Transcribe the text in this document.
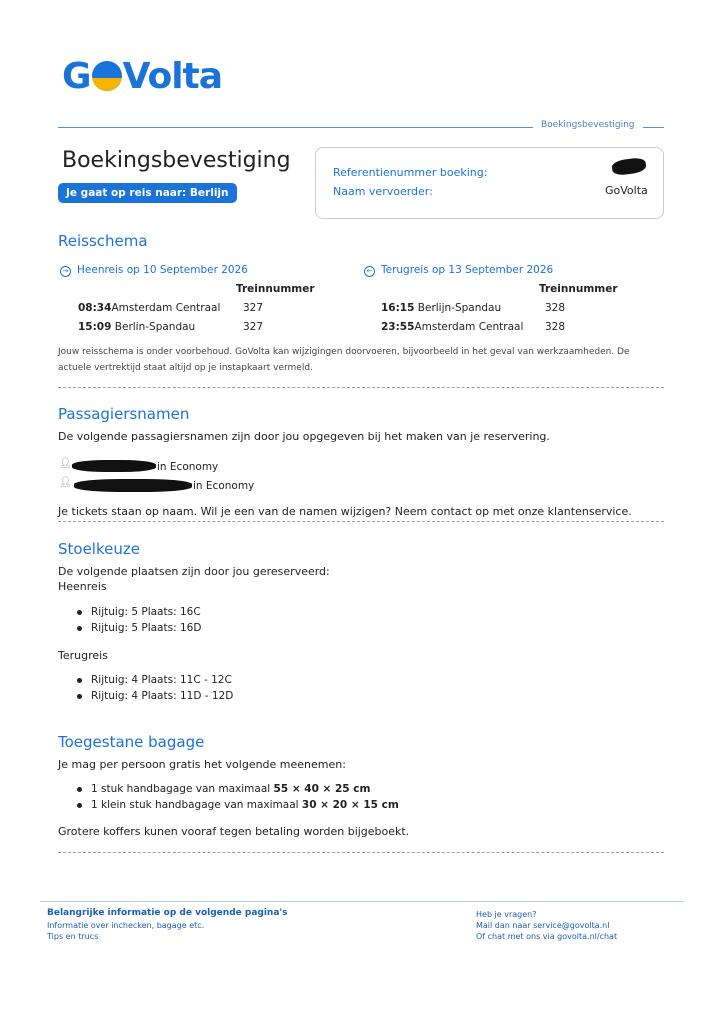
G Volta
Boekingsbevestiging
Boekingsbevestiging
Je gaat op reis naar: Berlijn
Referentienummer boeking:
Naam vervoerder:	GoVolta
Reisschema
→ Heenreis op 10 September 2026
Treinnummer
08:34Amsterdam Centraal 327
15:09 Berlin-Spandau	327
← Terugreis op 13 September 2026
Treinnummer
16:15 Berlijn-Spandau	328
23:55Amsterdam Centraal 328
Jouw reisschema is onder voorbehoud. GoVolta kan wijzigingen doorvoeren, bijvoorbeeld in het geval van werkzaamheden. De
actuele vertrektijd staat altijd op je instapkaart vermeld.
Passagiersnamen
De volgende passagiersnamen zijn door jou opgegeven bij het maken van je reservering.
👤︎	in Economy
👤︎	in Economy
Je tickets staan op naam. Wil je een van de namen wijzigen? Neem contact op met onze klantenservice.
Stoelkeuze
De volgende plaatsen zijn door jou gereserveerd:
Heenreis
Rijtuig: 5 Plaats: 16C
Rijtuig: 5 Plaats: 16D
Terugreis
Rijtuig: 4 Plaats: 11C - 12C
Rijtuig: 4 Plaats: 11D - 12D
Toegestane bagage
Je mag per persoon gratis het volgende meenemen:
1 stuk handbagage van maximaal 55 × 40 × 25 cm
1 klein stuk handbagage van maximaal 30 × 20 × 15 cm
Grotere koffers kunen vooraf tegen betaling worden bijgeboekt.
Belangrijke informatie op de volgende pagina's
Informatie over inchecken, bagage etc.
Tips en trucs
Heb je vragen?
Mail dan naar service@govolta.nl
Of chat met ons via govolta.nl/chat
